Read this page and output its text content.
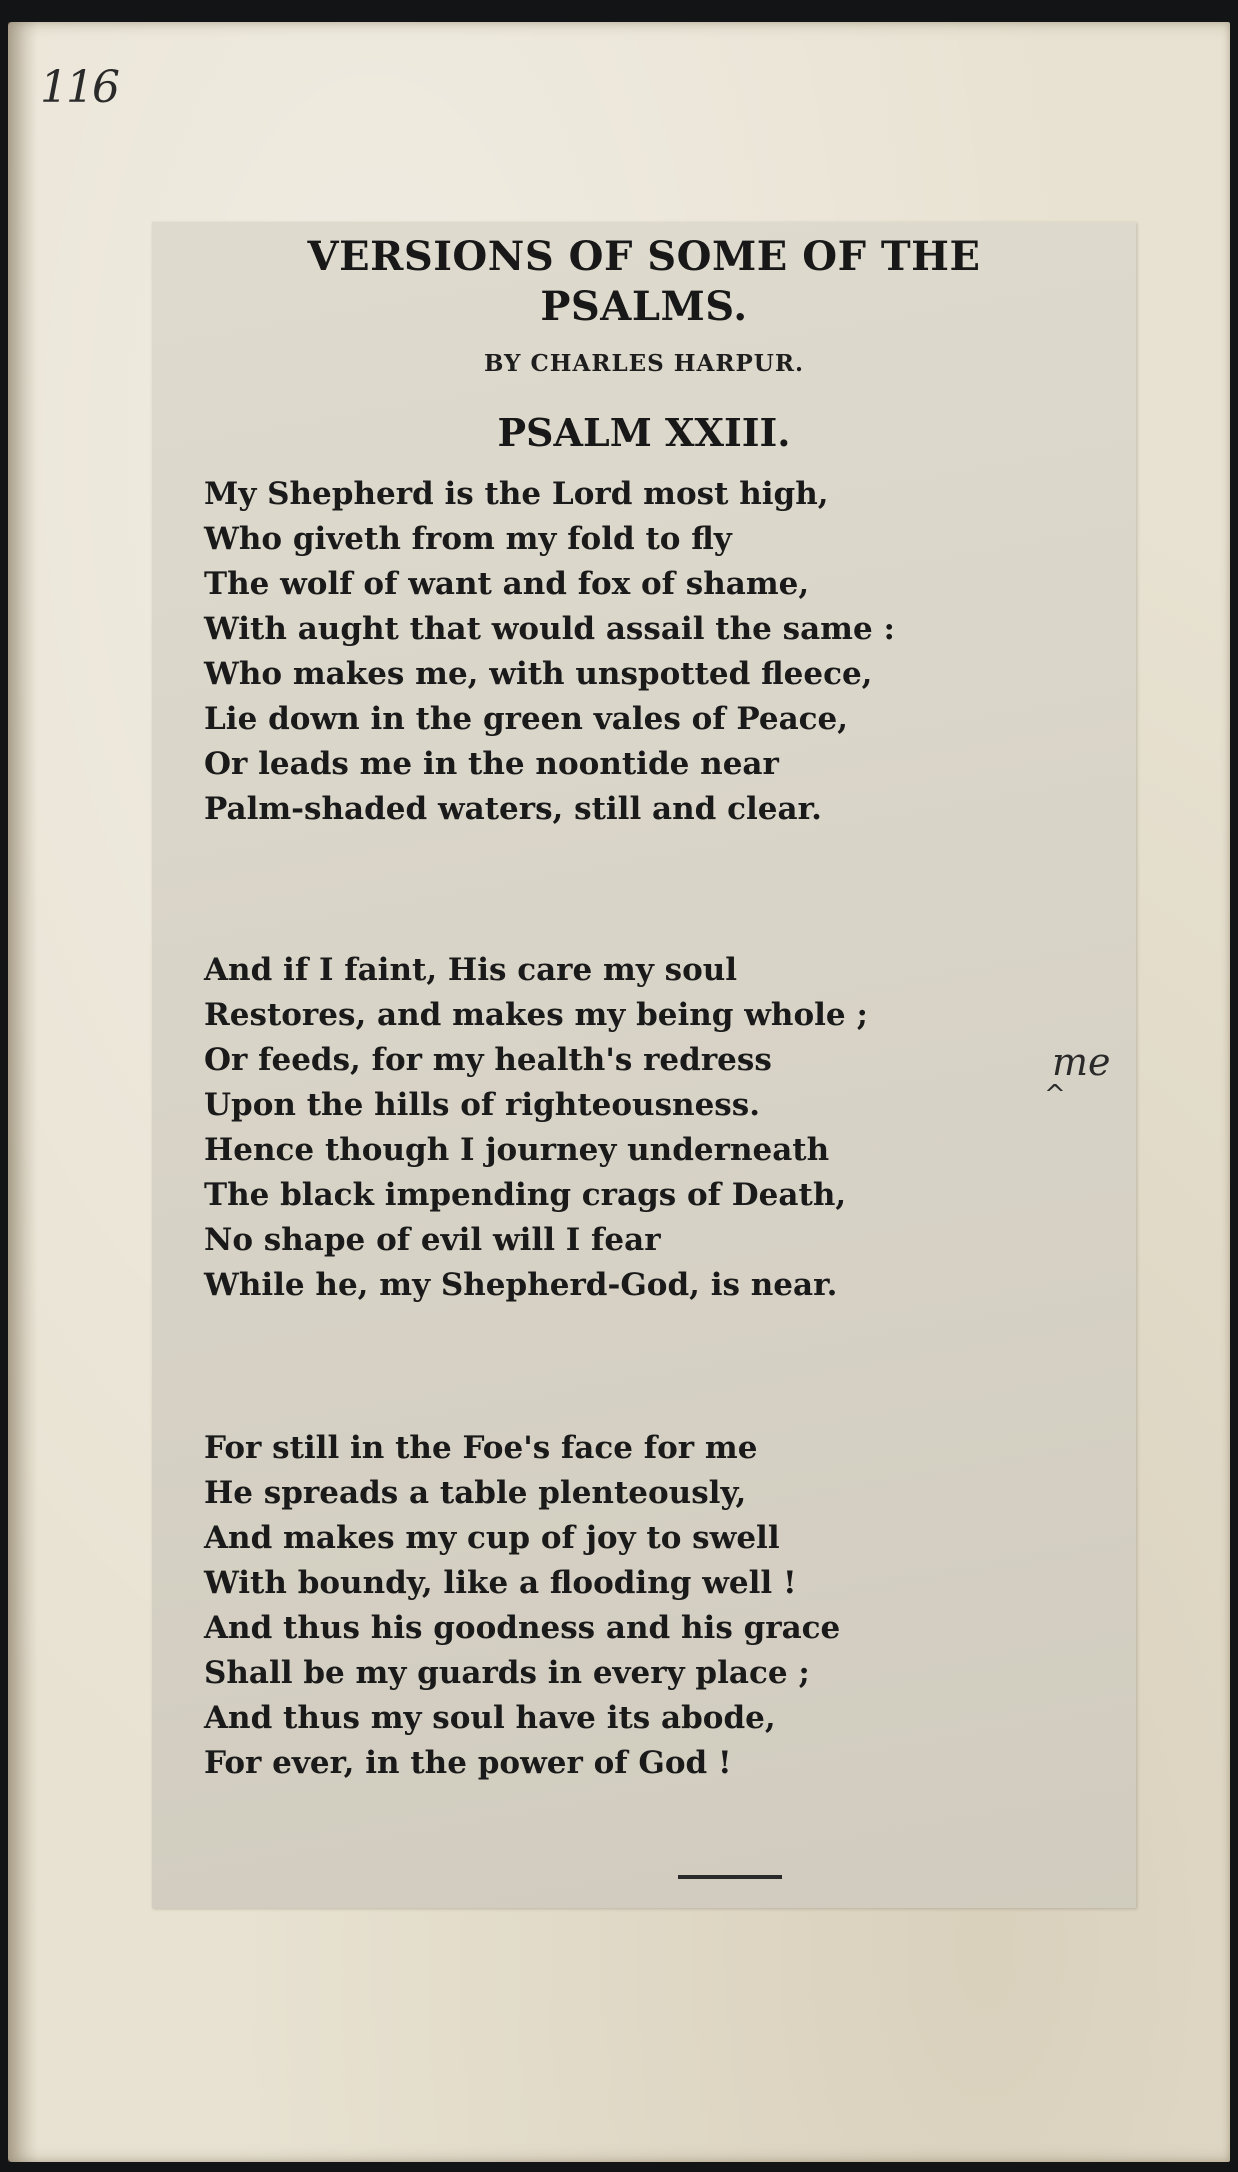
116
VERSIONS OF SOME OF THE
PSALMS.
BY CHARLES HARPUR.
PSALM XXIII.
My Shepherd is the Lord most high,
Who giveth from my fold to fly
The wolf of want and fox of shame,
With aught that would assail the same :
Who makes me, with unspotted fleece,
Lie down in the green vales of Peace,
Or leads me in the noontide near
Palm-shaded waters, still and clear.
And if I faint, His care my soul
Restores, and makes my being whole ;
Or feeds, for my health's redress
Upon the hills of righteousness.
Hence though I journey underneath
The black impending crags of Death,
No shape of evil will I fear
While he, my Shepherd-God, is near.
For still in the Foe's face for me
He spreads a table plenteously,
And makes my cup of joy to swell
With boundy, like a flooding well !
And thus his goodness and his grace
Shall be my guards in every place ;
And thus my soul have its abode,
For ever, in the power of God !
me
^
